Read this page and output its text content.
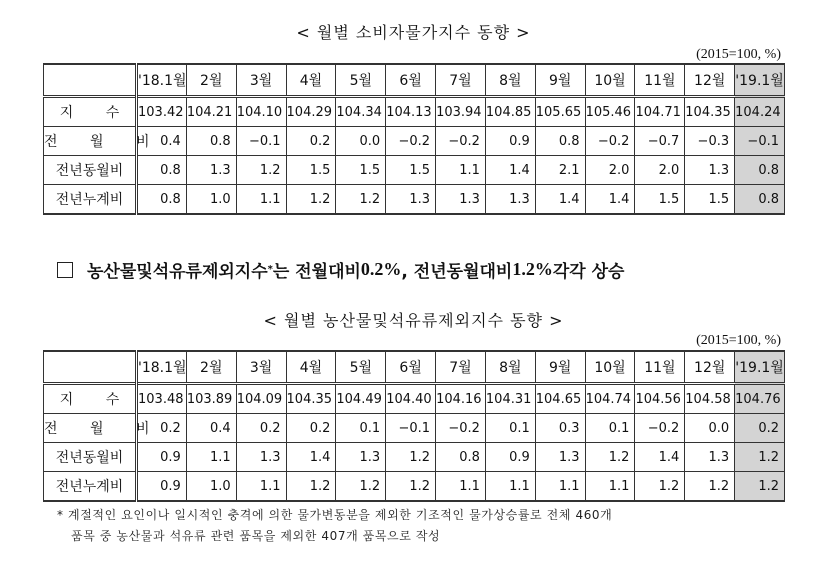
< 월별 소비자물가지수 동향 >
(2015=100, %)
	'18.1월	2월	3월	4월	5월	6월	7월	8월	9월	10월	11월	12월	'19.1월
지 수	103.42	104.21	104.10	104.29	104.34	104.13	103.94	104.85	105.65	105.46	104.71	104.35	104.24
전 월 비	0.4	0.8	−0.1	0.2	0.0	−0.2	−0.2	0.9	0.8	−0.2	−0.7	−0.3	−0.1
전년동월비	0.8	1.3	1.2	1.5	1.5	1.5	1.1	1.4	2.1	2.0	2.0	1.3	0.8
전년누계비	0.8	1.0	1.1	1.2	1.2	1.3	1.3	1.3	1.4	1.4	1.5	1.5	0.8
농산물및석유류제외지수 * 는 전월대비 0.2% , 전년동월대비 1.2% 각각 상승
< 월별 농산물및석유류제외지수 동향 >
(2015=100, %)
	'18.1월	2월	3월	4월	5월	6월	7월	8월	9월	10월	11월	12월	'19.1월
지 수	103.48	103.89	104.09	104.35	104.49	104.40	104.16	104.31	104.65	104.74	104.56	104.58	104.76
전 월 비	0.2	0.4	0.2	0.2	0.1	−0.1	−0.2	0.1	0.3	0.1	−0.2	0.0	0.2
전년동월비	0.9	1.1	1.3	1.4	1.3	1.2	0.8	0.9	1.3	1.2	1.4	1.3	1.2
전년누계비	0.9	1.0	1.1	1.2	1.2	1.2	1.1	1.1	1.1	1.1	1.2	1.2	1.2
* 계절적인 요인이나 일시적인 충격에 의한 물가변동분을 제외한 기조적인 물가상승률로 전체 460개
품목 중 농산물과 석유류 관련 품목을 제외한 407개 품목으로 작성
